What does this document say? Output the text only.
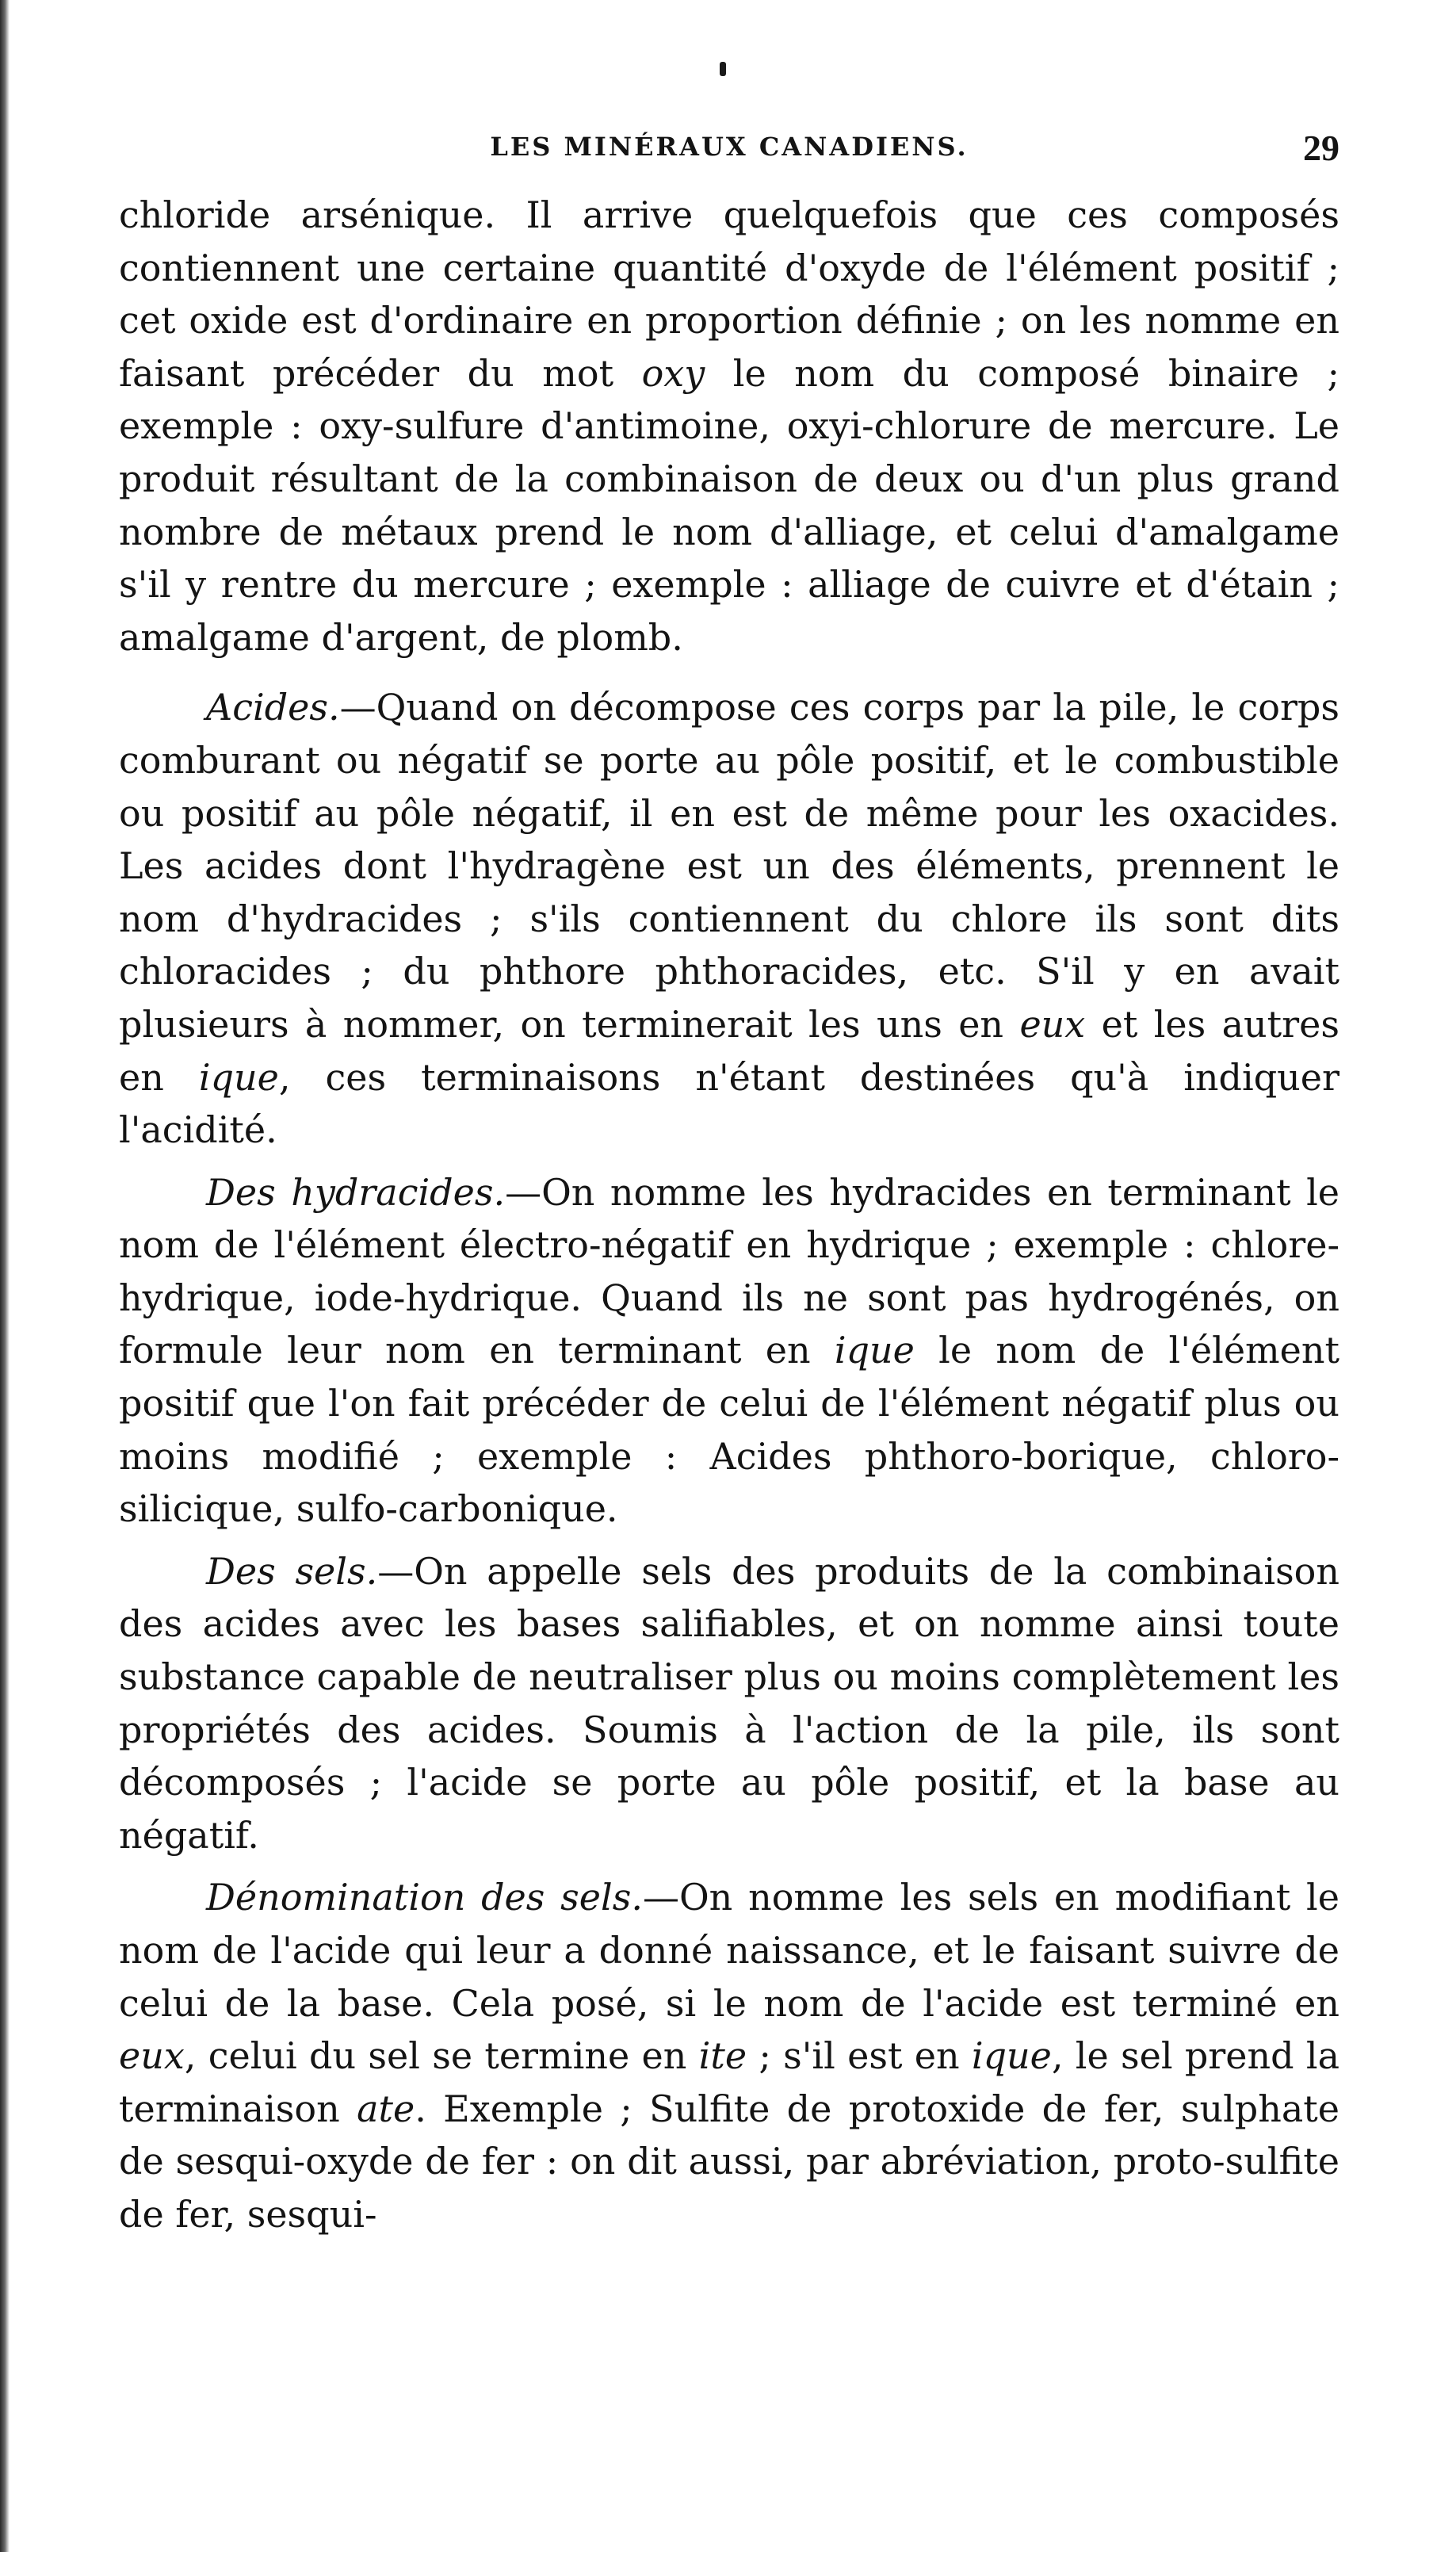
LES MINÉRAUX CANADIENS.	29

chloride arsénique. Il arrive quelquefois que ces composés contiennent une certaine quantité d'oxyde de l'élément positif ; cet oxide est d'ordinaire en proportion définie ; on les nomme en faisant précéder du mot oxy le nom du composé binaire ; exemple : oxy-sulfure d'antimoine, oxyi-chlorure de mercure. Le produit résultant de la combinaison de deux ou d'un plus grand nombre de métaux prend le nom d'alliage, et celui d'amalgame s'il y rentre du mercure ; exemple : alliage de cuivre et d'étain ; amalgame d'argent, de plomb.

Acides.—Quand on décompose ces corps par la pile, le corps comburant ou négatif se porte au pôle positif, et le combustible ou positif au pôle négatif, il en est de même pour les oxacides. Les acides dont l'hydragène est un des éléments, prennent le nom d'hydracides ; s'ils contiennent du chlore ils sont dits chloracides ; du phthore phthoracides, etc. S'il y en avait plusieurs à nommer, on terminerait les uns en eux et les autres en ique, ces terminaisons n'étant destinées qu'à indiquer l'acidité.

Des hydracides.—On nomme les hydracides en terminant le nom de l'élément électro-négatif en hydrique ; exemple : chlore-hydrique, iode-hydrique. Quand ils ne sont pas hydrogénés, on formule leur nom en terminant en ique le nom de l'élément positif que l'on fait précéder de celui de l'élément négatif plus ou moins modifié ; exemple : Acides phthoro-borique, chloro-silicique, sulfo-carbonique.

Des sels.—On appelle sels des produits de la combinaison des acides avec les bases salifiables, et on nomme ainsi toute substance capable de neutraliser plus ou moins complètement les propriétés des acides. Soumis à l'action de la pile, ils sont décomposés ; l'acide se porte au pôle positif, et la base au négatif.

Dénomination des sels.—On nomme les sels en modifiant le nom de l'acide qui leur a donné naissance, et le faisant suivre de celui de la base. Cela posé, si le nom de l'acide est terminé en eux, celui du sel se termine en ite ; s'il est en ique, le sel prend la terminaison ate. Exemple ; Sulfite de protoxide de fer, sulphate de sesqui-oxyde de fer : on dit aussi, par abréviation, proto-sulfite de fer, sesqui-
